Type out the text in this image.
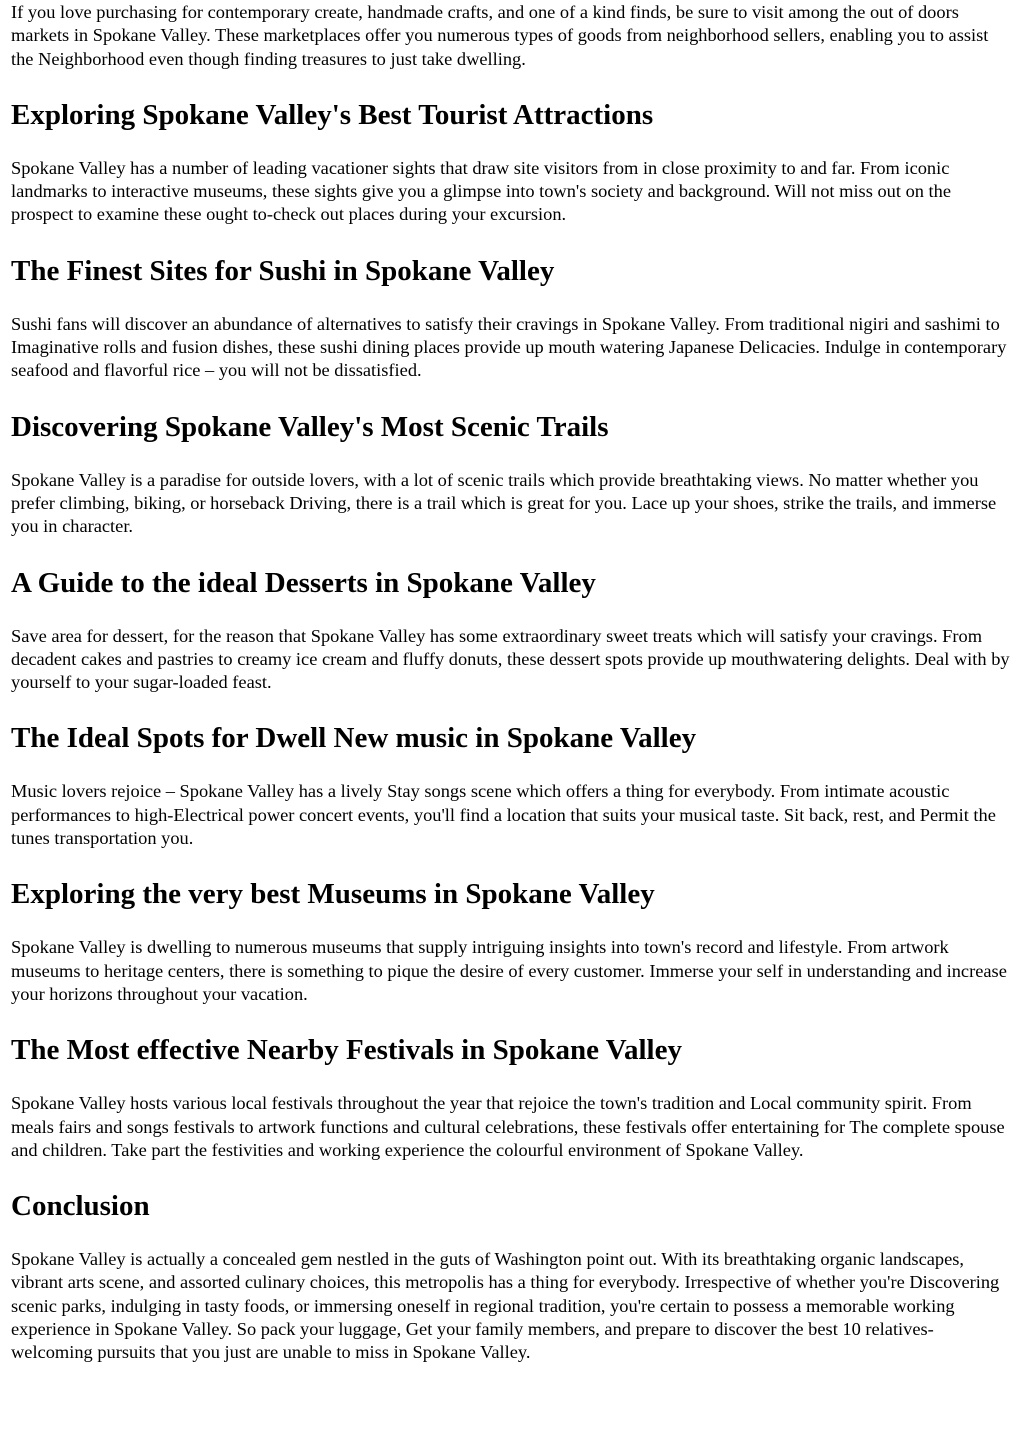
If you love purchasing for contemporary create, handmade crafts, and one of a kind finds, be sure to visit among the out of doors markets in Spokane Valley. These marketplaces offer you numerous types of goods from neighborhood sellers, enabling you to assist the Neighborhood even though finding treasures to just take dwelling.

Exploring Spokane Valley's Best Tourist Attractions

Spokane Valley has a number of leading vacationer sights that draw site visitors from in close proximity to and far. From iconic landmarks to interactive museums, these sights give you a glimpse into town's society and background. Will not miss out on the prospect to examine these ought to-check out places during your excursion.

The Finest Sites for Sushi in Spokane Valley

Sushi fans will discover an abundance of alternatives to satisfy their cravings in Spokane Valley. From traditional nigiri and sashimi to Imaginative rolls and fusion dishes, these sushi dining places provide up mouth watering Japanese Delicacies. Indulge in contemporary seafood and flavorful rice – you will not be dissatisfied.

Discovering Spokane Valley's Most Scenic Trails

Spokane Valley is a paradise for outside lovers, with a lot of scenic trails which provide breathtaking views. No matter whether you prefer climbing, biking, or horseback Driving, there is a trail which is great for you. Lace up your shoes, strike the trails, and immerse you in character.

A Guide to the ideal Desserts in Spokane Valley

Save area for dessert, for the reason that Spokane Valley has some extraordinary sweet treats which will satisfy your cravings. From decadent cakes and pastries to creamy ice cream and fluffy donuts, these dessert spots provide up mouthwatering delights. Deal with by yourself to your sugar-loaded feast.

The Ideal Spots for Dwell New music in Spokane Valley

Music lovers rejoice – Spokane Valley has a lively Stay songs scene which offers a thing for everybody. From intimate acoustic performances to high-Electrical power concert events, you'll find a location that suits your musical taste. Sit back, rest, and Permit the tunes transportation you.

Exploring the very best Museums in Spokane Valley

Spokane Valley is dwelling to numerous museums that supply intriguing insights into town's record and lifestyle. From artwork museums to heritage centers, there is something to pique the desire of every customer. Immerse your self in understanding and increase your horizons throughout your vacation.

The Most effective Nearby Festivals in Spokane Valley

Spokane Valley hosts various local festivals throughout the year that rejoice the town's tradition and Local community spirit. From meals fairs and songs festivals to artwork functions and cultural celebrations, these festivals offer entertaining for The complete spouse and children. Take part the festivities and working experience the colourful environment of Spokane Valley.

Conclusion

Spokane Valley is actually a concealed gem nestled in the guts of Washington point out. With its breathtaking organic landscapes, vibrant arts scene, and assorted culinary choices, this metropolis has a thing for everybody. Irrespective of whether you're Discovering scenic parks, indulging in tasty foods, or immersing oneself in regional tradition, you're certain to possess a memorable working experience in Spokane Valley. So pack your luggage, Get your family members, and prepare to discover the best 10 relatives-welcoming pursuits that you just are unable to miss in Spokane Valley.
